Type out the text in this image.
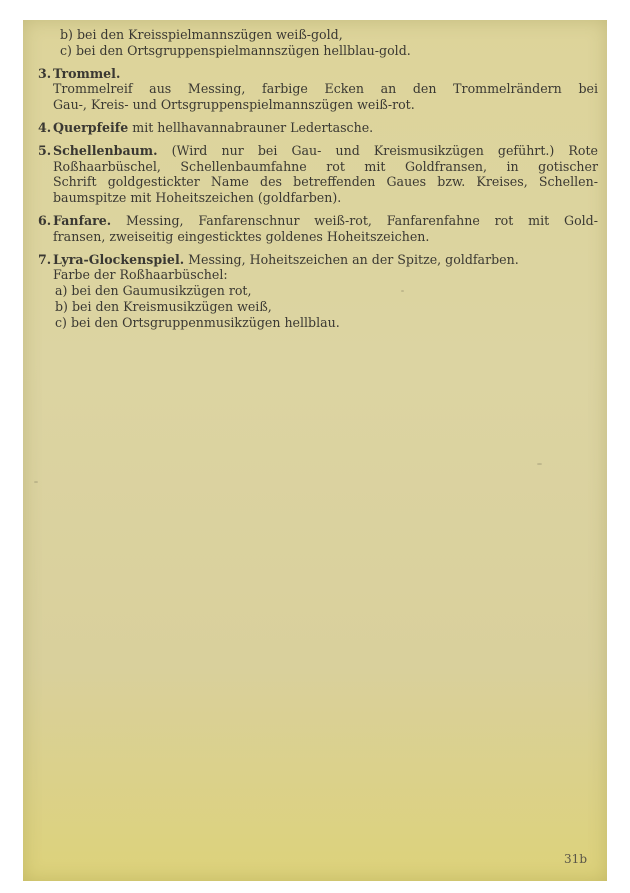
b) bei den Kreisspielmannszügen weiß-gold,
c) bei den Ortsgruppenspielmannszügen hellblau-gold.
3. Trommel.
Trommelreif aus Messing, farbige Ecken an den Trommelrändern bei
Gau-, Kreis- und Ortsgruppenspielmannszügen weiß-rot.
4. Querpfeife mit hellhavannabrauner Ledertasche.
5. Schellenbaum. (Wird nur bei Gau- und Kreismusikzügen geführt.) Rote
Roßhaarbüschel, Schellenbaumfahne rot mit Goldfransen, in gotischer
Schrift goldgestickter Name des betreffenden Gaues bzw. Kreises, Schellen-
baumspitze mit Hoheitszeichen (goldfarben).
6. Fanfare. Messing, Fanfarenschnur weiß-rot, Fanfarenfahne rot mit Gold-
fransen, zweiseitig eingesticktes goldenes Hoheitszeichen.
7. Lyra-Glockenspiel. Messing, Hoheitszeichen an der Spitze, goldfarben.
Farbe der Roßhaarbüschel:
a) bei den Gaumusikzügen rot,
b) bei den Kreismusikzügen weiß,
c) bei den Ortsgruppenmusikzügen hellblau.
31b
